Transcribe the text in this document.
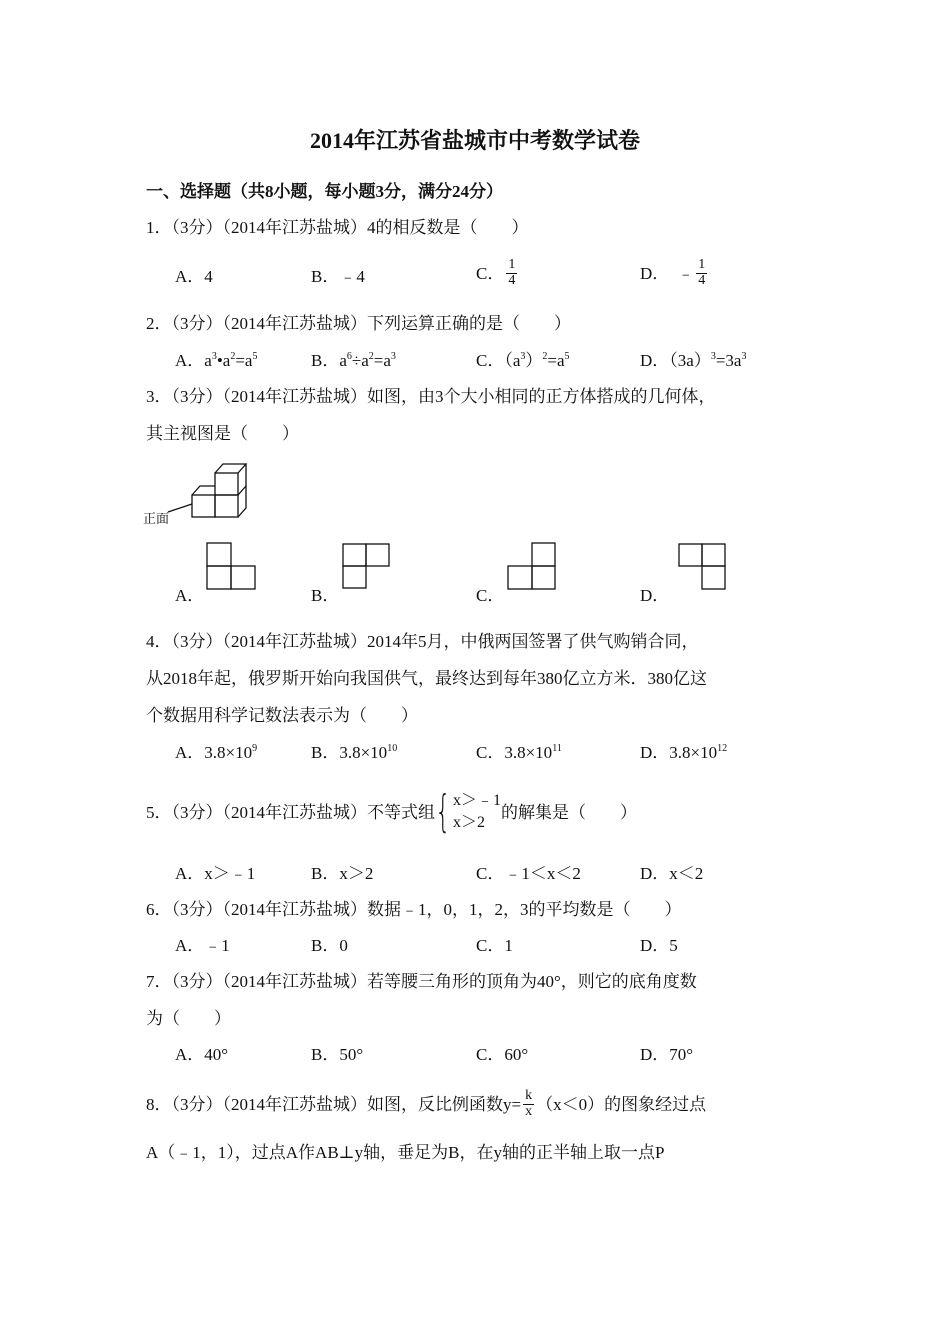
2014年江苏省盐城市中考数学试卷
一、选择题（共8小题，每小题3分，满分24分）
1．（3分）（2014年江苏盐城）4的相反数是（　　）
A．4	B．﹣4	C． $\frac{1}{4}$	D． ﹣ $\frac{1}{4}$
2．（3分）（2014年江苏盐城）下列运算正确的是（　　）
A．$a^3•a^2=a^5$	B．$a^6\div a^2=a^3$	C．$(a^3)^2=a^5$	D．$(3a)^3=3a^3$
3．（3分）（2014年江苏盐城）如图，由3个大小相同的正方体搭成的几何体，
其主视图是（　　）
正面
A．	B．	C．	D．
4．（3分）（2014年江苏盐城）2014年5月，中俄两国签署了供气购销合同，
从2018年起，俄罗斯开始向我国供气，最终达到每年380亿立方米．380亿这
个数据用科学记数法表示为（　　）
A．$3.8\times 10^9$	B．$3.8\times 10^{10}$	C．$3.8\times 10^{11}$	D．$3.8\times 10^{12}$
5．（3分）（2014年江苏盐城）不等式组 { x＞﹣1
x＞2
的解集是（　　）
A．x＞﹣1	B．x＞2	C．﹣1＜x＜2	D．x＜2
6．（3分）（2014年江苏盐城）数据﹣1，0，1，2，3的平均数是（　　）
A．﹣1	B．0	C．1	D．5
7．（3分）（2014年江苏盐城）若等腰三角形的顶角为40°，则它的底角度数
为（　　）
A．40°	B．50°	C．60°	D．70°
8．（3分）（2014年江苏盐城）如图，反比例函数$y= \frac{k}{x} (x<0)$的图象经过点
A（﹣1，1），过点A作AB⊥y轴，垂足为B，在y轴的正半轴上取一点P
